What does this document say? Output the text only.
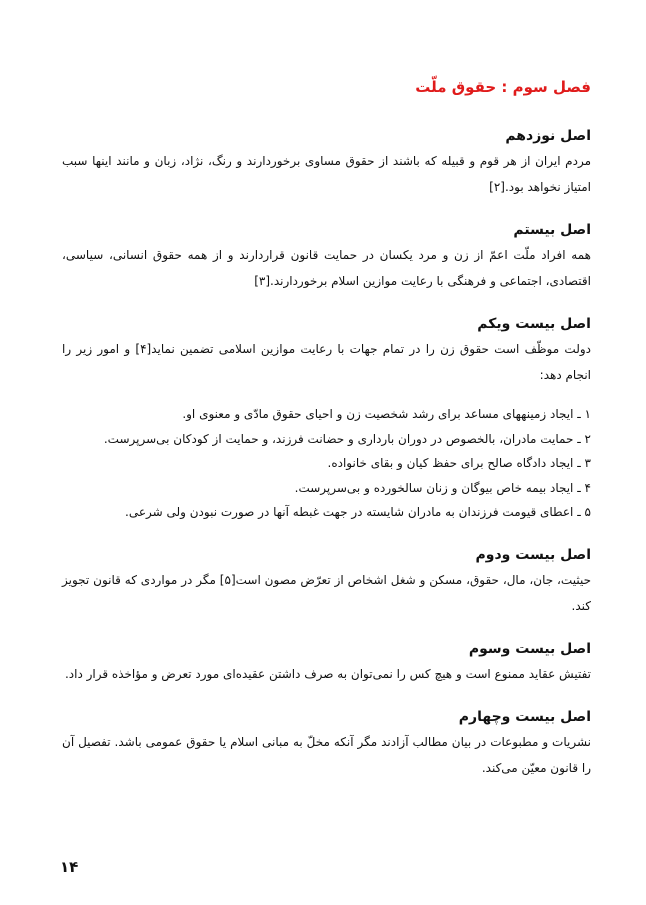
فصل سوم : حقوق ملّت
اصل نوزدهم

مردم ایران از هر قوم و قبیله که باشند از حقوق مساوی برخوردارند و رنگ، نژاد، زبان و مانند اینها سبب امتیاز نخواهد بود.[۲]

اصل بیستم

همه افراد ملّت اعمّ از زن و مرد یکسان در حمایت قانون قراردارند و از همه حقوق انسانی، سیاسی، اقتصادی، اجتماعی و فرهنگی با رعایت موازین اسلام برخوردارند.[۳]

اصل بیست ویکم

دولت موظّف است حقوق زن را در تمام جهات با رعایت موازین اسلامی تضمین نماید[۴] و امور زیر را انجام دهد:

۱ ـ ایجاد زمینههای مساعد برای رشد شخصیت زن و احیای حقوق مادّی و معنوی او.
۲ ـ حمایت مادران، بالخصوص در دوران بارداری و حضانت فرزند، و حمایت از کودکان بی‌سرپرست.
۳ ـ ایجاد دادگاه صالح برای حفظ کیان و بقای خانواده.
۴ ـ ایجاد بیمه خاص بیوگان و زنان سالخورده و بی‌سرپرست.
۵ ـ اعطای قیومت فرزندان به مادران شایسته در جهت غبطه آنها در صورت نبودن ولی شرعی.
اصل بیست ودوم

حیثیت، جان، مال، حقوق، مسکن و شغل اشخاص از تعرّض مصون است[۵] مگر در مواردی که قانون تجویز کند.

اصل بیست وسوم

تفتیش عقاید ممنوع است و هیچ کس را نمی‌توان به صرف داشتن عقیده‌ای مورد تعرض و مؤاخذه قرار داد.

اصل بیست وچهارم

نشریات و مطبوعات در بیان مطالب آزادند مگر آنکه مخلّ به مبانی اسلام یا حقوق عمومی باشد. تفصیل آن را قانون معیّن می‌کند.

۱۴
